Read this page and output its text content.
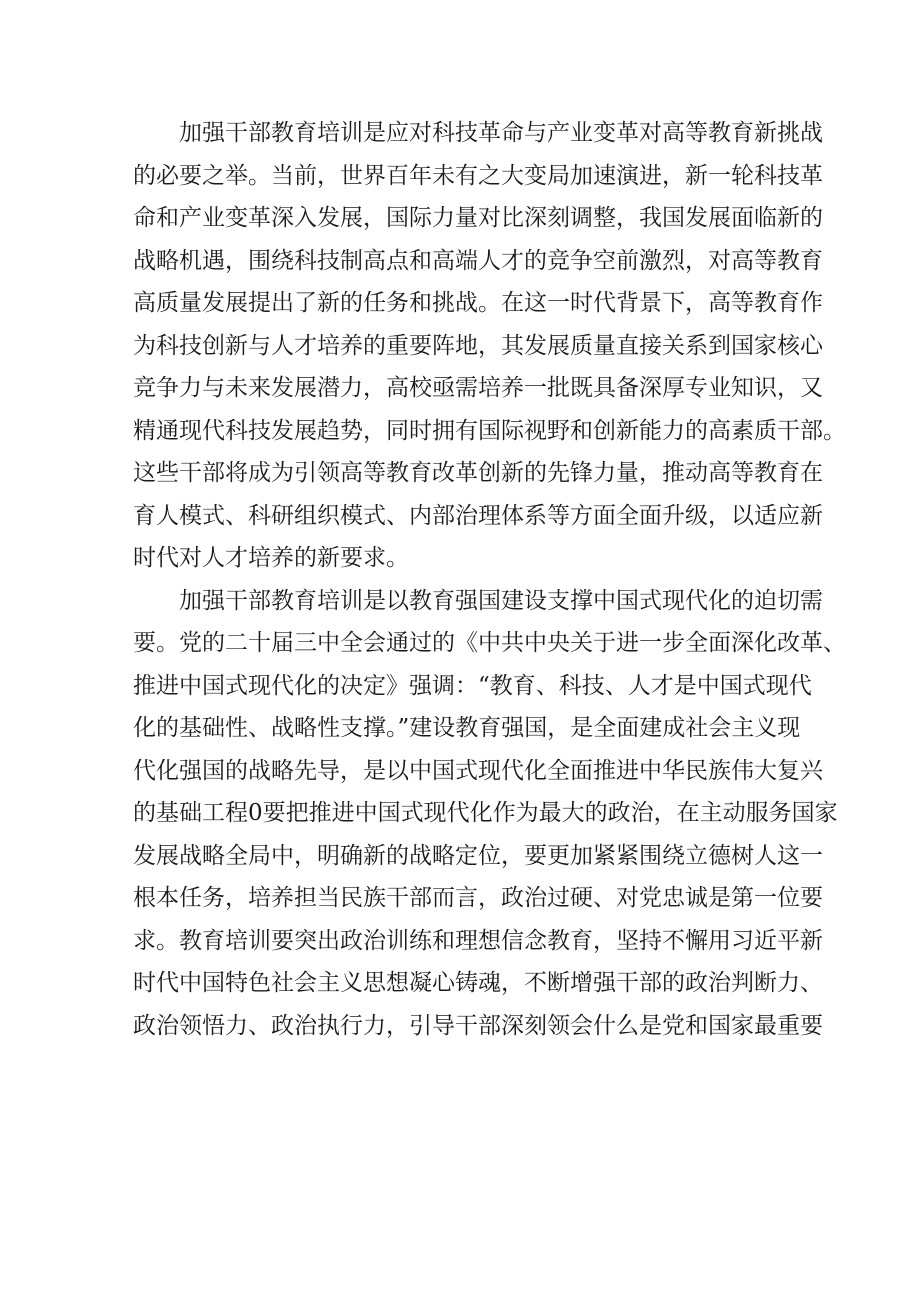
加强干部教育培训是应对科技革命与产业变革对高等教育新挑战
的必要之举。当前，世界百年未有之大变局加速演进，新一轮科技革
命和产业变革深入发展，国际力量对比深刻调整，我国发展面临新的
战略机遇，围绕科技制高点和高端人才的竞争空前激烈，对高等教育
高质量发展提出了新的任务和挑战。在这一时代背景下，高等教育作
为科技创新与人才培养的重要阵地，其发展质量直接关系到国家核心
竞争力与未来发展潜力，高校亟需培养一批既具备深厚专业知识，又
精通现代科技发展趋势，同时拥有国际视野和创新能力的高素质干部。
这些干部将成为引领高等教育改革创新的先锋力量，推动高等教育在
育人模式、科研组织模式、内部治理体系等方面全面升级，以适应新
时代对人才培养的新要求。

加强干部教育培训是以教育强国建设支撑中国式现代化的迫切需
要。党的二十届三中全会通过的《中共中央关于进一步全面深化改革、
推进中国式现代化的决定》强调：“教育、科技、人才是中国式现代
化的基础性、战略性支撑。”建设教育强国，是全面建成社会主义现
代化强国的战略先导，是以中国式现代化全面推进中华民族伟大复兴
的基础工程0要把推进中国式现代化作为最大的政治，在主动服务国家
发展战略全局中，明确新的战略定位，要更加紧紧围绕立德树人这一
根本任务，培养担当民族干部而言，政治过硬、对党忠诚是第一位要
求。教育培训要突出政治训练和理想信念教育，坚持不懈用习近平新
时代中国特色社会主义思想凝心铸魂，不断增强干部的政治判断力、
政治领悟力、政治执行力，引导干部深刻领会什么是党和国家最重要
